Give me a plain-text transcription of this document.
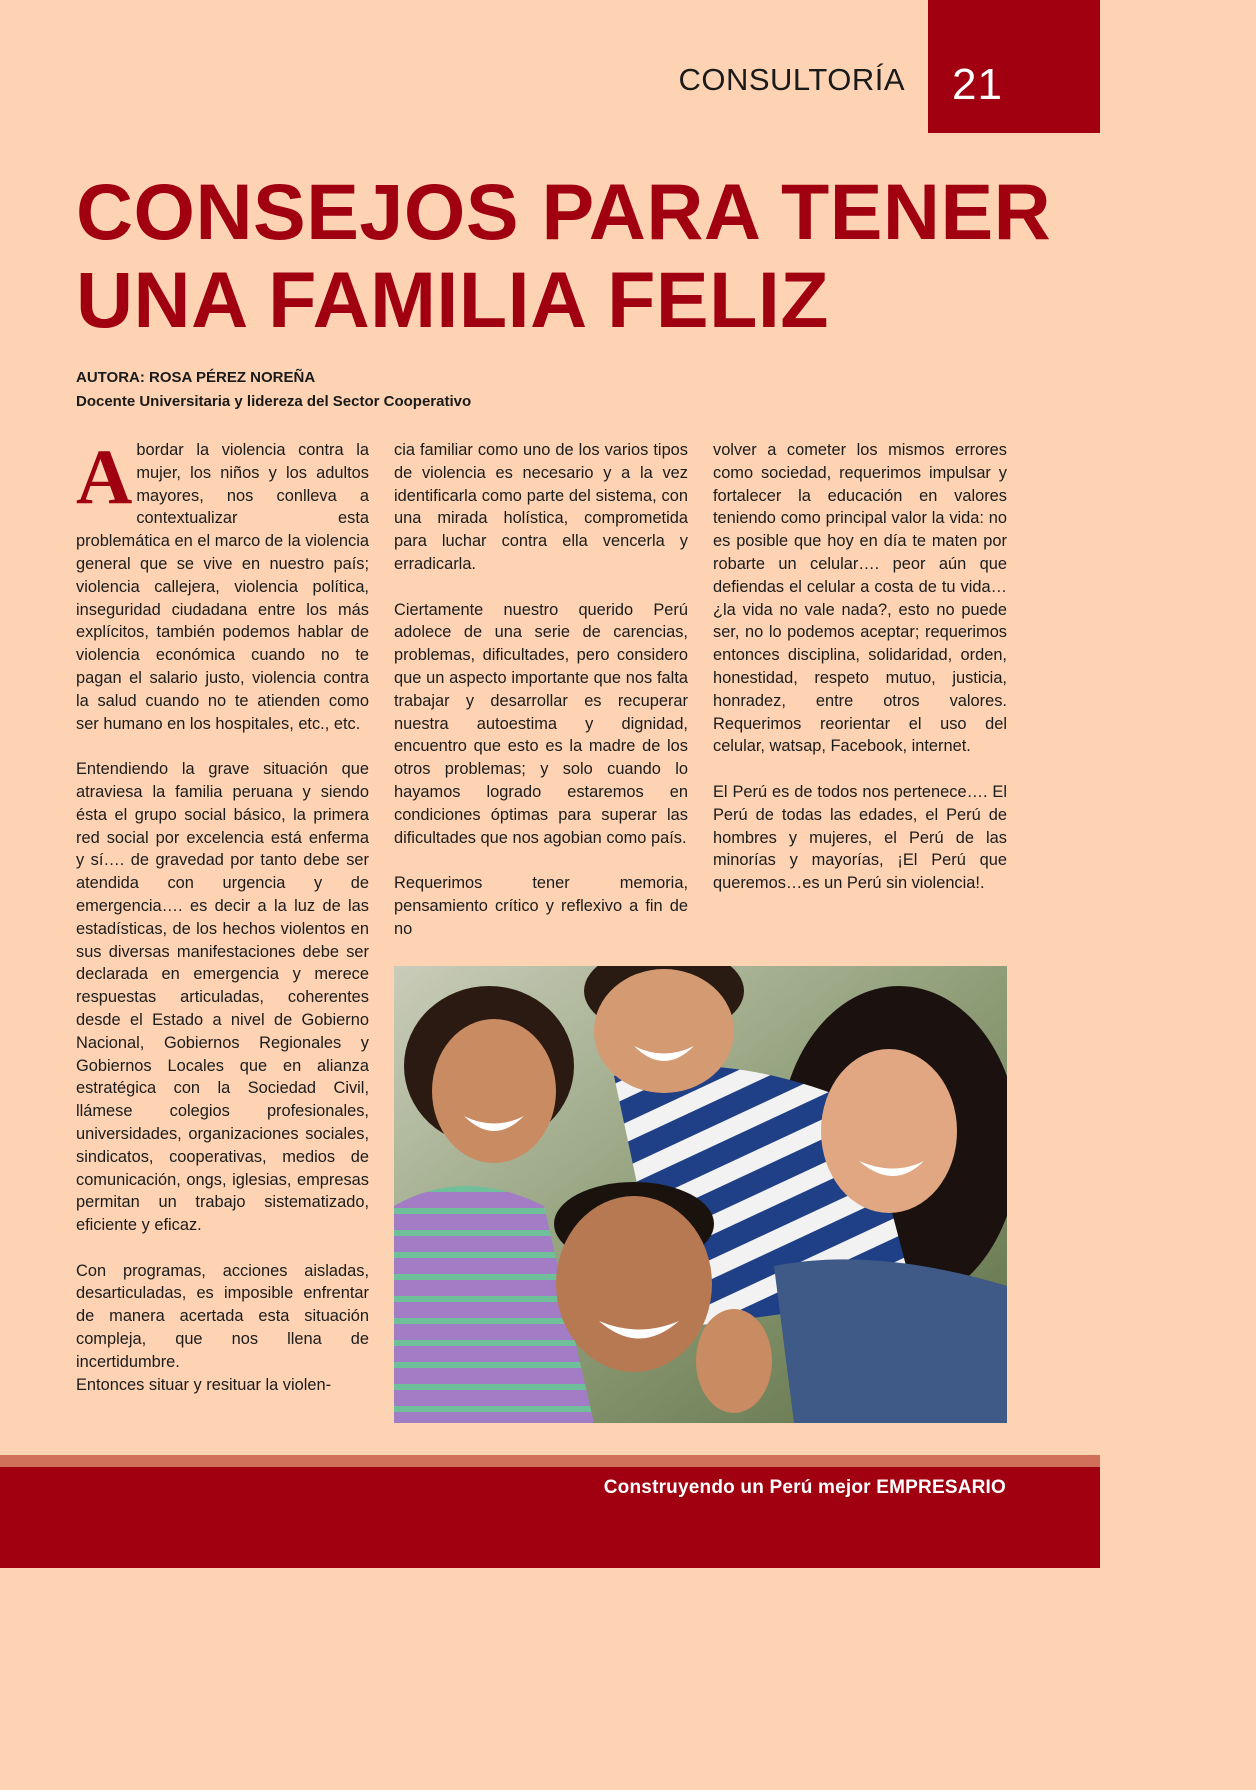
CONSULTORÍA 21
CONSEJOS PARA TENER
UNA FAMILIA FELIZ
AUTORA: ROSA PÉREZ NOREÑA
Docente Universitaria y lidereza del Sector Cooperativo

Abordar la violencia contra la mujer, los niños y los adultos mayores, nos conlleva a contextualizar esta problemática en el marco de la violencia general que se vive en nuestro país; violencia callejera, violencia política, inseguridad ciudadana entre los más explícitos, también podemos hablar de violencia económica cuando no te pagan el salario justo, violencia contra la salud cuando no te atienden como ser humano en los hospitales, etc., etc.

Entendiendo la grave situación que atraviesa la familia peruana y siendo ésta el grupo social básico, la primera red social por excelencia está enferma y sí…. de gravedad por tanto debe ser atendida con urgencia y de emergencia…. es decir a la luz de las estadísticas, de los hechos violentos en sus diversas manifestaciones debe ser declarada en emergencia y merece respuestas articuladas, coherentes desde el Estado a nivel de Gobierno Nacional, Gobiernos Regionales y Gobiernos Locales que en alianza estratégica con la Sociedad Civil, llámese colegios profesionales, universidades, organizaciones sociales, sindicatos, cooperativas, medios de comunicación, ongs, iglesias, empresas permitan un trabajo sistematizado, eficiente y eficaz.

Con programas, acciones aisladas, desarticuladas, es imposible enfrentar de manera acertada esta situación compleja, que nos llena de incertidumbre.

Entonces situar y resituar la violen-

cia familiar como uno de los varios tipos de violencia es necesario y a la vez identificarla como parte del sistema, con una mirada holística, comprometida para luchar contra ella vencerla y erradicarla.

Ciertamente nuestro querido Perú adolece de una serie de carencias, problemas, dificultades, pero considero que un aspecto importante que nos falta trabajar y desarrollar es recuperar nuestra autoestima y dignidad, encuentro que esto es la madre de los otros problemas; y solo cuando lo hayamos logrado estaremos en condiciones óptimas para superar las dificultades que nos agobian como país.

Requerimos tener memoria, pensamiento crítico y reflexivo a fin de no

volver a cometer los mismos errores como sociedad, requerimos impulsar y fortalecer la educación en valores teniendo como principal valor la vida: no es posible que hoy en día te maten por robarte un celular…. peor aún que defiendas el celular a costa de tu vida… ¿la vida no vale nada?, esto no puede ser, no lo podemos aceptar; requerimos entonces disciplina, solidaridad, orden, honestidad, respeto mutuo, justicia, honradez, entre otros valores. Requerimos reorientar el uso del celular, watsap, Facebook, internet.

El Perú es de todos nos pertenece…. El Perú de todas las edades, el Perú de hombres y mujeres, el Perú de las minorías y mayorías, ¡El Perú que queremos…es un Perú sin violencia!.

Construyendo un Perú mejor EMPRESARIO
